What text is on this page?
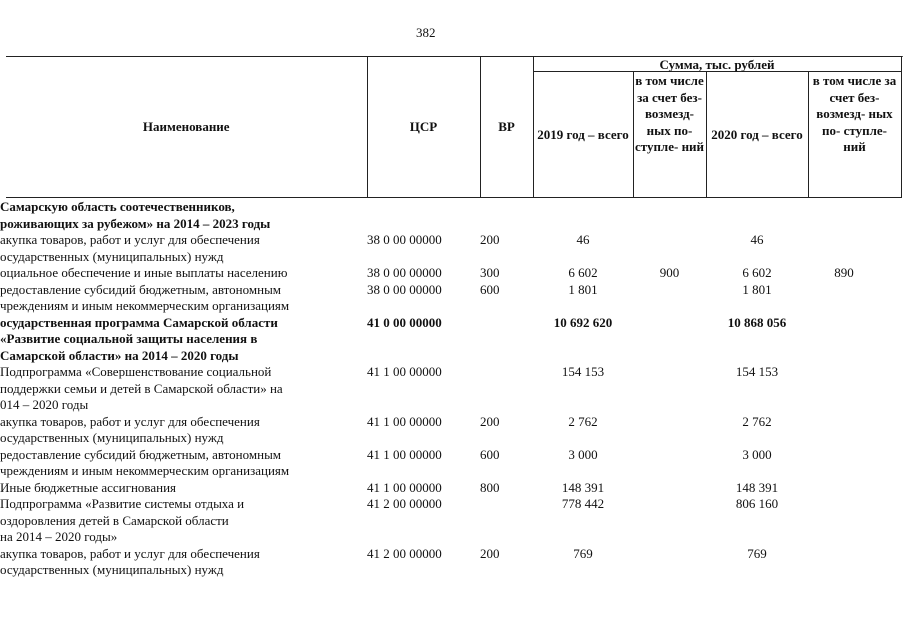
382
Наименование	ЦСР	ВР	Сумма, тыс. рублей			
			2019 год – всего	в том числе за счет без- возмезд- ных по- ступле- ний	2020 год – всего	в том числе за счет без- возмезд- ных по- ступле- ний
Самарскую область соотечественников,
роживающих за рубежом» на 2014 – 2023 годы						
акупка товаров, работ и услуг для обеспечения
осударственных (муниципальных) нужд	38 0 00 00000	200	46		46	
оциальное обеспечение и иные выплаты населению	38 0 00 00000	300	6 602	900	6 602	890
редоставление субсидий бюджетным, автономным
чреждениям и иным некоммерческим организациям	38 0 00 00000	600	1 801		1 801	
осударственная программа Самарской области
«Развитие социальной защиты населения в
Самарской области» на 2014 – 2020 годы	41 0 00 00000		10 692 620		10 868 056	
Подпрограмма «Совершенствование социальной
поддержки семьи и детей в Самарской области» на
014 – 2020 годы	41 1 00 00000		154 153		154 153	
акупка товаров, работ и услуг для обеспечения
осударственных (муниципальных) нужд	41 1 00 00000	200	2 762		2 762	
редоставление субсидий бюджетным, автономным
чреждениям и иным некоммерческим организациям	41 1 00 00000	600	3 000		3 000	
Иные бюджетные ассигнования	41 1 00 00000	800	148 391		148 391	
Подпрограмма «Развитие системы отдыха и
оздоровления детей в Самарской области
на 2014 – 2020 годы»	41 2 00 00000		778 442		806 160	
акупка товаров, работ и услуг для обеспечения
осударственных (муниципальных) нужд	41 2 00 00000	200	769		769	
